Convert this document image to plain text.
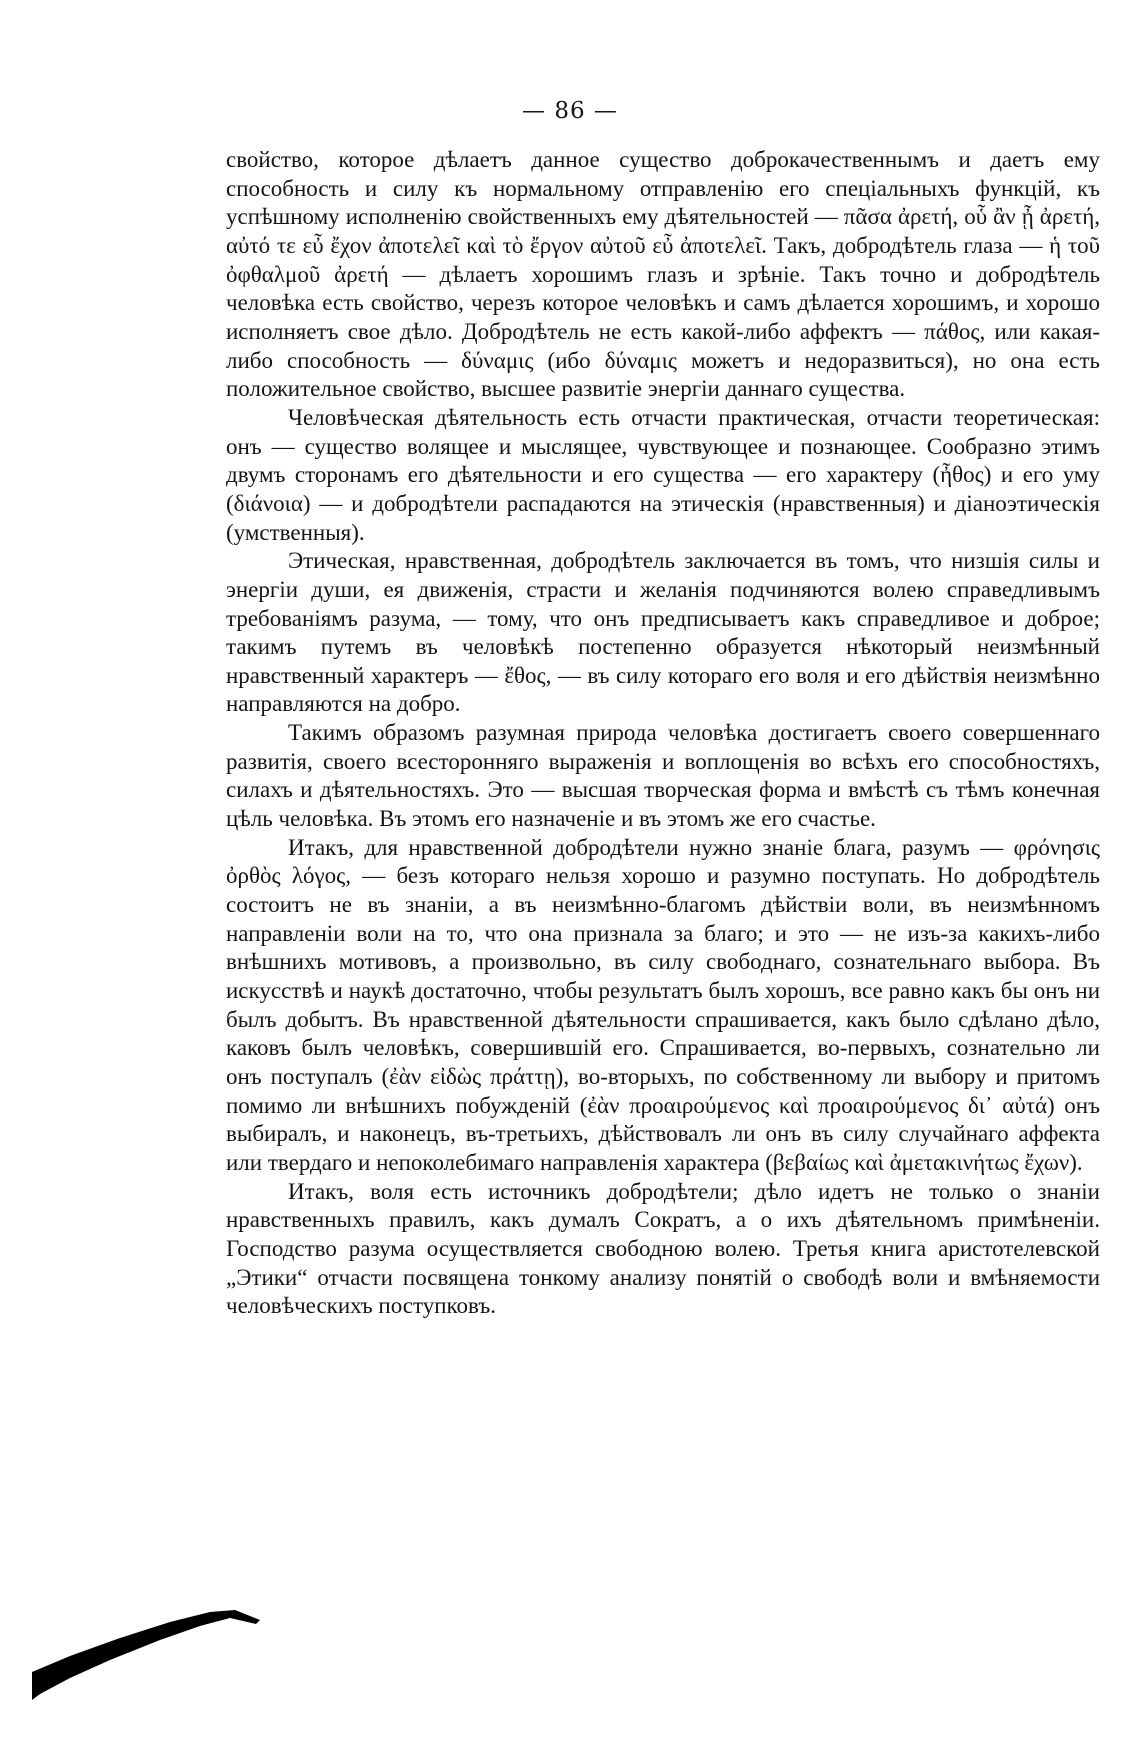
— 86 —

свойство, которое дѣлаетъ данное существо доброкачественнымъ и даетъ ему способность и силу къ нормальному отправленію его спеціальныхъ функцій, къ успѣшному исполненію свойственныхъ ему дѣятельностей — πᾶσα ἀρετή, οὗ ἂν ᾖ ἀρετή, αὐτό τε εὖ ἔχον ἀποτελεῖ καὶ τὸ ἔργον αὐτοῦ εὖ ἀποτελεῖ. Такъ, добродѣтель глаза — ἡ τοῦ ὀφθαλμοῦ ἀρετή — дѣлаетъ хорошимъ глазъ и зрѣніе. Такъ точно и добродѣтель человѣка есть свойство, черезъ которое человѣкъ и самъ дѣлается хорошимъ, и хорошо исполняетъ свое дѣло. Добродѣтель не есть какой-либо аффектъ — πάθος, или какая-либо способность — δύναμις (ибо δύναμις можетъ и недоразвиться), но она есть положительное свойство, высшее развитіе энергіи даннаго существа.

Человѣческая дѣятельность есть отчасти практическая, отчасти теоретическая: онъ — существо волящее и мыслящее, чувствующее и познающее. Сообразно этимъ двумъ сторонамъ его дѣятельности и его существа — его характеру (ἦθος) и его уму (διάνοια) — и добродѣтели распадаются на этическія (нравственныя) и діаноэтическія (умственныя).

Этическая, нравственная, добродѣтель заключается въ томъ, что низшія силы и энергіи души, ея движенія, страсти и желанія подчиняются волею справедливымъ требованіямъ разума, — тому, что онъ предписываетъ какъ справедливое и доброе; такимъ путемъ въ человѣкѣ постепенно образуется нѣкоторый неизмѣнный нравственный характеръ — ἔθος, — въ силу котораго его воля и его дѣйствія неизмѣнно направляются на добро.

Такимъ образомъ разумная природа человѣка достигаетъ своего совершеннаго развитія, своего всесторонняго выраженія и воплощенія во всѣхъ его способностяхъ, силахъ и дѣятельностяхъ. Это — высшая творческая форма и вмѣстѣ съ тѣмъ конечная цѣль человѣка. Въ этомъ его назначеніе и въ этомъ же его счастье.

Итакъ, для нравственной добродѣтели нужно знаніе блага, разумъ — φρόνησις ὀρθὸς λόγος, — безъ котораго нельзя хорошо и разумно поступать. Но добродѣтель состоитъ не въ знаніи, а въ неизмѣнно-благомъ дѣйствіи воли, въ неизмѣнномъ направленіи воли на то, что она признала за благо; и это — не изъ-за какихъ-либо внѣшнихъ мотивовъ, а произвольно, въ силу свободнаго, сознательнаго выбора. Въ искусствѣ и наукѣ достаточно, чтобы результатъ былъ хорошъ, все равно какъ бы онъ ни былъ добытъ. Въ нравственной дѣятельности спрашивается, какъ было сдѣлано дѣло, каковъ былъ человѣкъ, совершившій его. Спрашивается, во-первыхъ, сознательно ли онъ поступалъ (ἐὰν εἰδὼς πράττῃ), во-вторыхъ, по собственному ли выбору и притомъ помимо ли внѣшнихъ побужденій (ἐὰν προαιρούμενος καὶ προαιρούμενος δι᾽ αὐτά) онъ выбиралъ, и наконецъ, въ-третьихъ, дѣйствовалъ ли онъ въ силу случайнаго аффекта или твердаго и непоколебимаго направленія характера (βεβαίως καὶ ἀμετακινήτως ἔχων).

Итакъ, воля есть источникъ добродѣтели; дѣло идетъ не только о знаніи нравственныхъ правилъ, какъ думалъ Сократъ, а о ихъ дѣятельномъ примѣненіи. Господство разума осуществляется свободною волею. Третья книга аристотелевской „Этики“ отчасти посвящена тонкому анализу понятій о свободѣ воли и вмѣняемости человѣческихъ поступковъ.
